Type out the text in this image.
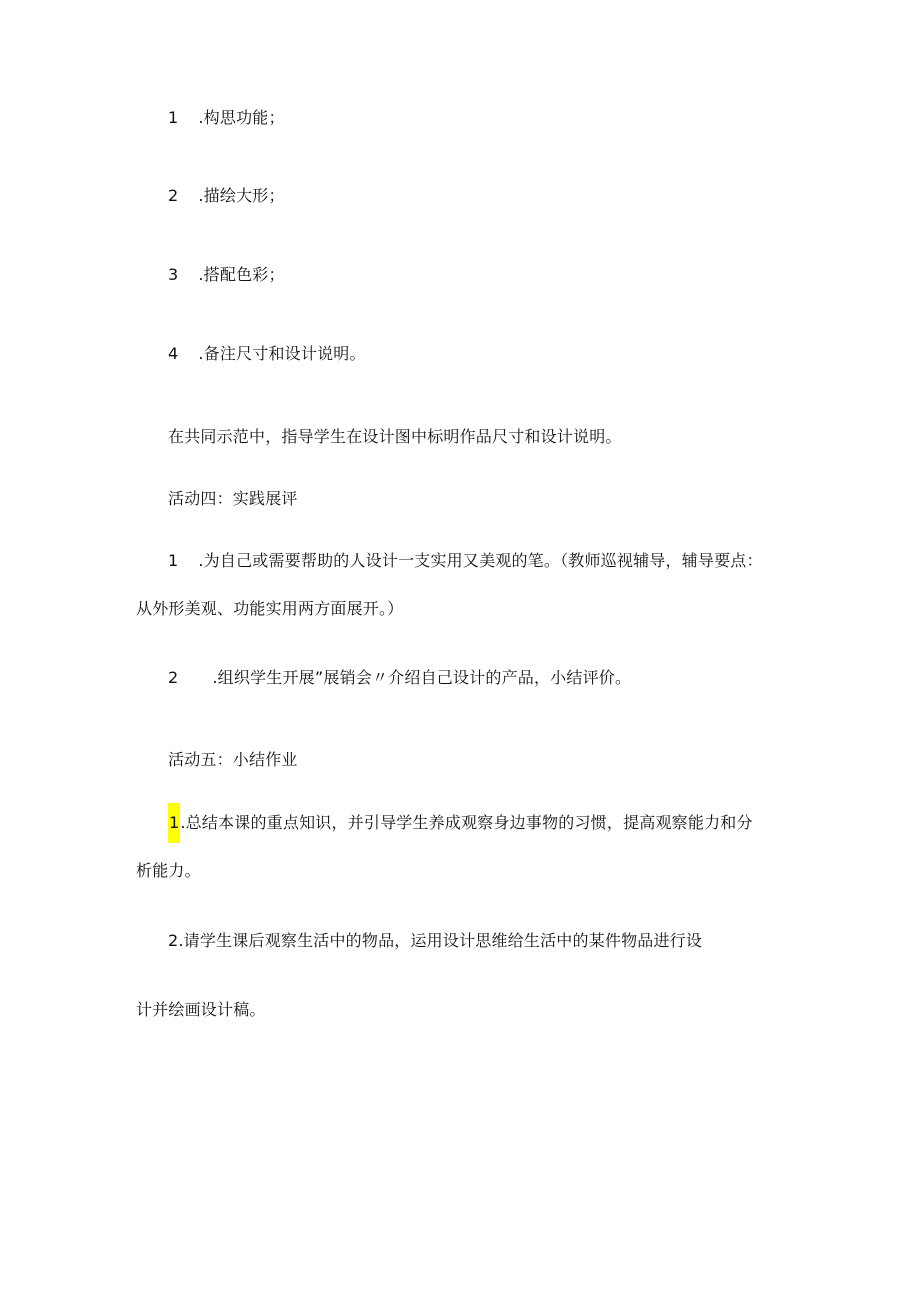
1 .构思功能；
2 .描绘大形；
3 .搭配色彩；
4 .备注尺寸和设计说明。
在共同示范中，指导学生在设计图中标明作品尺寸和设计说明。
活动四：实践展评
1 .为自己或需要帮助的人设计一支实用又美观的笔。（教师巡视辅导，辅导要点：
从外形美观、功能实用两方面展开。）
2 .组织学生开展”展销会〃介绍自己设计的产品，小结评价。
活动五：小结作业
1.总结本课的重点知识，并引导学生养成观察身边事物的习惯，提高观察能力和分
析能力。
2.请学生课后观察生活中的物品，运用设计思维给生活中的某件物品进行设
计并绘画设计稿。
